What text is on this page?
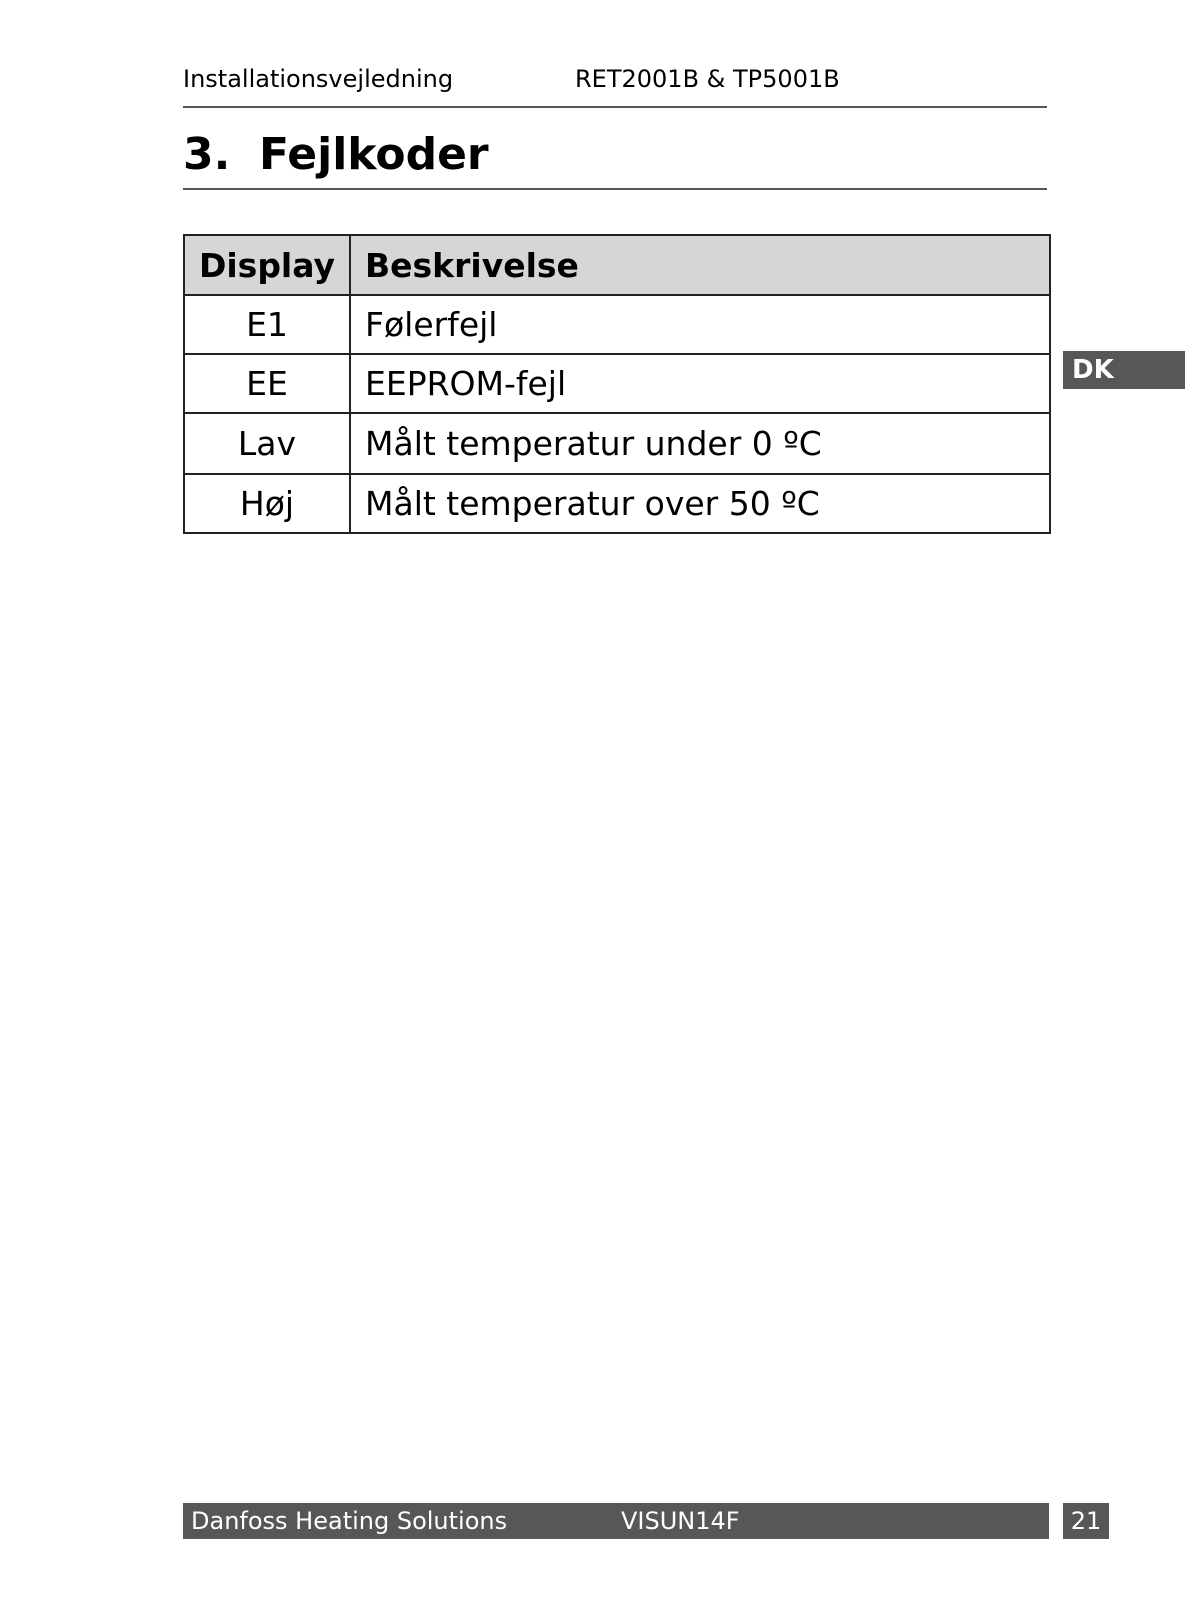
Installationsvejledning	RET2001B & TP5001B
3. Fejlkoder
Display	Beskrivelse
E1	Følerfejl
EE	EEPROM-fejl
Lav	Målt temperatur under 0 ºC
Høj	Målt temperatur over 50 ºC
DK
Danfoss Heating Solutions	VISUN14F	21
